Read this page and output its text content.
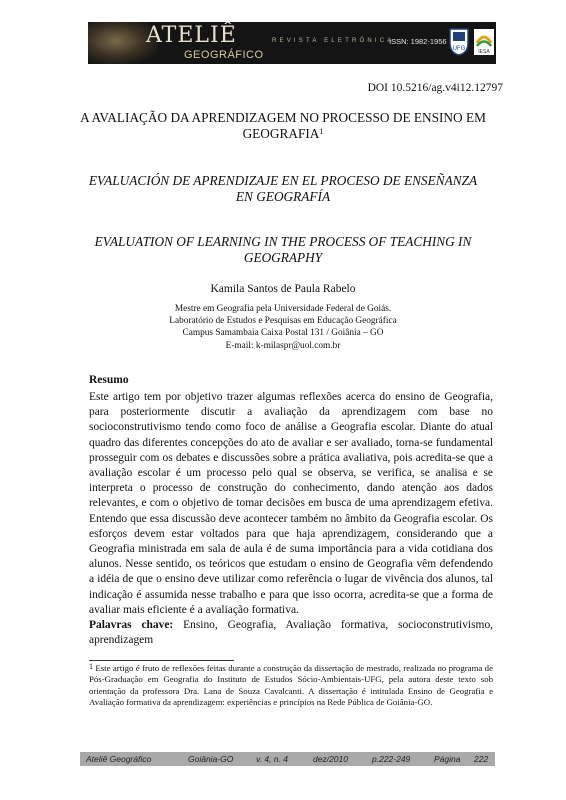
ATELIÊ
GEOGRÁFICO
REVISTA ELETRÔNICA
ISSN: 1982-1956
UFG	IESA
DOI 10.5216/ag.v4i12.12797
A AVALIAÇÃO DA APRENDIZAGEM NO PROCESSO DE ENSINO EM GEOGRAFIA$^1$
EVALUACIÓN DE APRENDIZAJE EN EL PROCESO DE ENSEÑANZA EN GEOGRAFÍA
EVALUATION OF LEARNING IN THE PROCESS OF TEACHING IN GEOGRAPHY
Kamila Santos de Paula Rabelo
Mestre em Geografia pela Universidade Federal de Goiás.
Laboratório de Estudos e Pesquisas em Educação Geográfica
Campus Samambaia Caixa Postal 131 / Goiânia – GO
E-mail: k-milaspr@uol.com.br
Resumo
Este artigo tem por objetivo trazer algumas reflexões acerca do ensino de Geografia, para posteriormente discutir a avaliação da aprendizagem com base no socioconstrutivismo tendo como foco de análise a Geografia escolar. Diante do atual quadro das diferentes concepções do ato de avaliar e ser avaliado, torna-se fundamental prosseguir com os debates e discussões sobre a prática avaliativa, pois acredita-se que a avaliação escolar é um processo pelo qual se observa, se verifica, se analisa e se interpreta o processo de construção do conhecimento, dando atenção aos dados relevantes, e com o objetivo de tomar decisões em busca de uma aprendizagem efetiva. Entendo que essa discussão deve acontecer também no âmbito da Geografia escolar. Os esforços devem estar voltados para que haja aprendizagem, considerando que a Geografia ministrada em sala de aula é de suma importância para a vida cotidiana dos alunos. Nesse sentido, os teóricos que estudam o ensino de Geografia vêm defendendo a idéia de que o ensino deve utilizar como referência o lugar de vivência dos alunos, tal indicação é assumida nesse trabalho e para que isso ocorra, acredita-se que a forma de avaliar mais eficiente é a avaliação formativa.
Palavras chave: Ensino, Geografia, Avaliação formativa, socioconstrutivismo, aprendizagem
$^1$ Este artigo é fruto de reflexões feitas durante a construção da dissertação de mestrado, realizada no programa de Pós-Graduação em Geografia do Instituto de Estudos Sócio-Ambientais-UFG, pela autora deste texto sob orientação da professora Dra. Lana de Souza Cavalcanti. A dissertação é intitulada Ensino de Geografia e Avaliação formativa da aprendizagem: experiências e princípios na Rede Pública de Goiânia-GO.
Ateliê Geográfico	Goiânia-GO	v. 4, n. 4	dez/2010	p.222-249	Página 222
